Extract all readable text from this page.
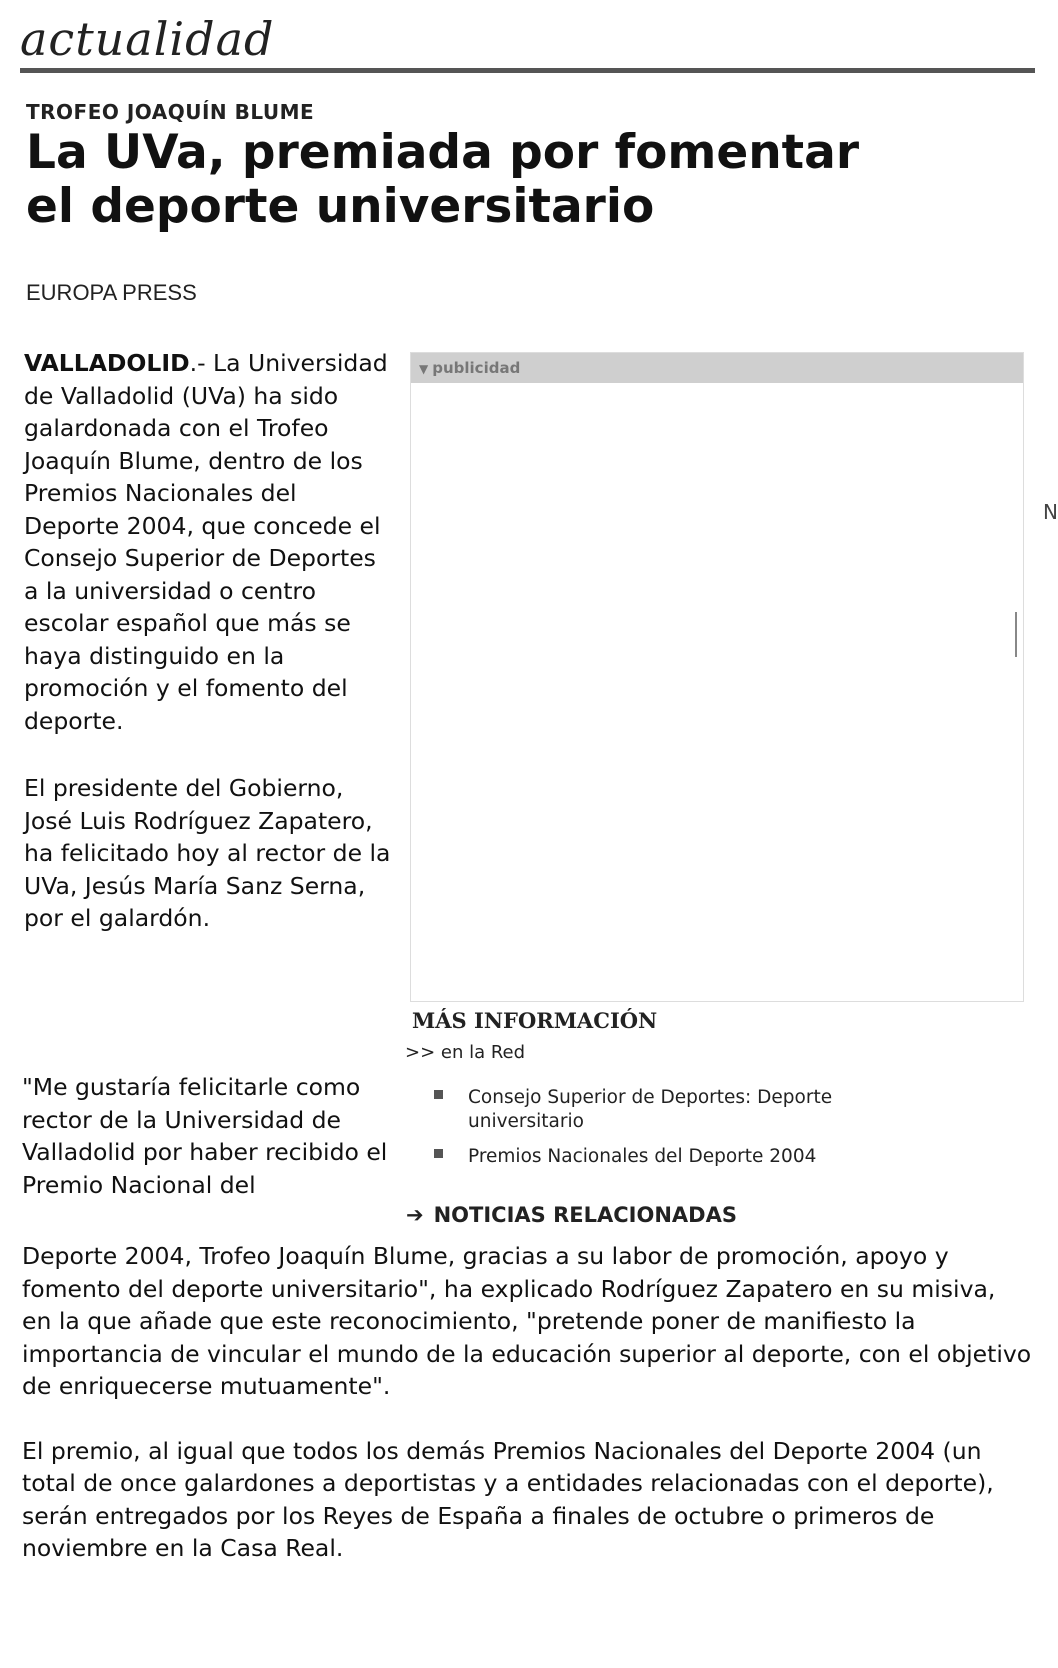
actualidad
TROFEO JOAQUÍN BLUME
La UVa, premiada por fomentar
el deporte universitario
EUROPA PRESS

VALLADOLID.- La Universidad de Valladolid (UVa) ha sido galardonada con el Trofeo Joaquín Blume, dentro de los Premios Nacionales del Deporte 2004, que concede el Consejo Superior de Deportes a la universidad o centro escolar español que más se haya distinguido en la promoción y el fomento del deporte.

El presidente del Gobierno, José Luis Rodríguez Zapatero, ha felicitado hoy al rector de la UVa, Jesús María Sanz Serna, por el galardón.

"Me gustaría felicitarle como rector de la Universidad de Valladolid por haber recibido el Premio Nacional del
▼ publicidad
N
MÁS INFORMACIÓN
>> en la Red
Consejo Superior de Deportes: Deporte universitario
Premios Nacionales del Deporte 2004
➔ NOTICIAS RELACIONADAS

Deporte 2004, Trofeo Joaquín Blume, gracias a su labor de promoción, apoyo y fomento del deporte universitario", ha explicado Rodríguez Zapatero en su misiva, en la que añade que este reconocimiento, "pretende poner de manifiesto la importancia de vincular el mundo de la educación superior al deporte, con el objetivo de enriquecerse mutuamente".

El premio, al igual que todos los demás Premios Nacionales del Deporte 2004 (un total de once galardones a deportistas y a entidades relacionadas con el deporte), serán entregados por los Reyes de España a finales de octubre o primeros de noviembre en la Casa Real.
